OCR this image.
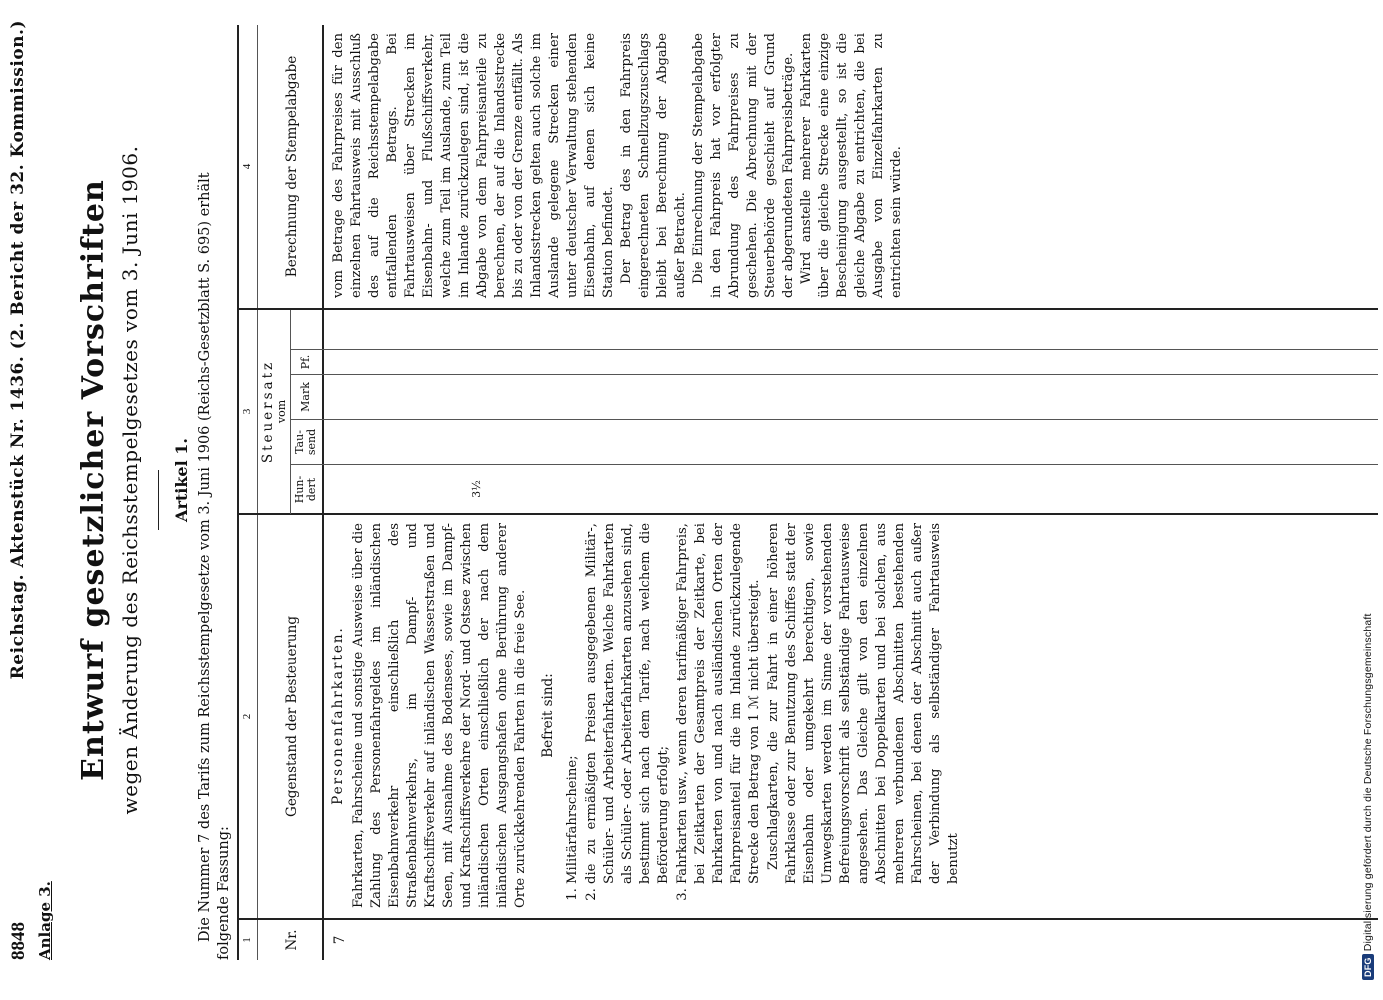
8848
Reichstag. Aktenstück Nr. 1436. (2. Bericht der 32. Kommission.)
Anlage 3.
Entwurf gesetzlicher Vorschriften wegen Änderung des Reichsstempelgesetzes vom 3. Juni 1906. Artikel 1. Die Nummer 7 des Tarifs zum Reichsstempelgesetze vom 3. Juni 1906 (Reichs-Gesetzblatt S. 695) erhält folgende Fassung: 1
2
3
4
Nr.
Gegenstand der Besteuerung
Steuersatz vom
Hun-dert
Tau-send
Mark
Pf.
Berechnung der Stempelabgabe
7
Personenfahrkarten. Fahrkarten, Fahrscheine und sonstige Ausweise über die Zahlung des Personenfahrgeldes im inländischen Eisenbahnverkehr einschließlich des Straßenbahnverkehrs, im Dampf- und Kraftschiffsverkehr auf inländischen Wasserstraßen und Seen, mit Ausnahme des Bodensees, sowie im Dampf- und Kraftschiffsverkehre der Nord- und Ostsee zwischen inländischen Orten einschließlich der nach dem inländischen Ausgangshafen ohne Berührung anderer Orte zurückkehrenden Fahrten in die freie See. Befreit sind:
1. Militärfahrscheine; 2. die zu ermäßigten Preisen ausgegebenen Militär-, Schüler- und Arbeiterfahrkarten. Welche Fahrkarten als Schüler- oder Arbeiterfahrkarten anzusehen sind, bestimmt sich nach dem Tarife, nach welchem die Beförderung erfolgt; 3. Fahrkarten usw., wenn deren tarifmäßiger Fahrpreis, bei Zeitkarten der Gesamtpreis der Zeitkarte, bei Fahrkarten von und nach ausländischen Orten der Fahrpreisanteil für die im Inlande zurückzulegende Strecke den Betrag von 1 ℳ nicht übersteigt. Zuschlagkarten, die zur Fahrt in einer höheren Fahrklasse oder zur Benutzung des Schiffes statt der Eisenbahn oder umgekehrt berechtigen, sowie Umwegskarten werden im Sinne der vorstehenden Befreiungsvorschrift als selbständige Fahrtausweise angesehen. Das Gleiche gilt von den einzelnen Abschnitten bei Doppelkarten und bei solchen, aus mehreren verbundenen Abschnitten bestehenden Fahrscheinen, bei denen der Abschnitt auch außer der Verbindung als selbständiger Fahrtausweis benutzt
3½

vom Betrage des Fahrpreises für den einzelnen Fahrtausweis mit Ausschluß des auf die Reichsstempelabgabe entfallenden Betrags. Bei Fahrtausweisen über Strecken im Eisenbahn- und Flußschiffsverkehr, welche zum Teil im Auslande, zum Teil im Inlande zurückzulegen sind, ist die Abgabe von dem Fahrpreisanteile zu berechnen, der auf die Inlandsstrecke bis zu oder von der Grenze entfällt. Als Inlandsstrecken gelten auch solche im Auslande gelegene Strecken einer unter deutscher Verwaltung stehenden Eisenbahn, auf denen sich keine Station befindet. Der Betrag des in den Fahrpreis eingerechneten Schnellzugszuschlags bleibt bei Berechnung der Abgabe außer Betracht. Die Einrechnung der Stempelabgabe in den Fahrpreis hat vor erfolgter Abrundung des Fahrpreises zu geschehen. Die Abrechnung mit der Steuerbehörde geschieht auf Grund der abgerundeten Fahrpreisbeträge. Wird anstelle mehrerer Fahrkarten über die gleiche Strecke eine einzige Bescheinigung ausgestellt, so ist die gleiche Abgabe zu entrichten, die bei Ausgabe von Einzelfahrkarten zu entrichten sein würde.

DFG Digitalisierung gefördert durch die Deutsche Forschungsgemeinschaft
